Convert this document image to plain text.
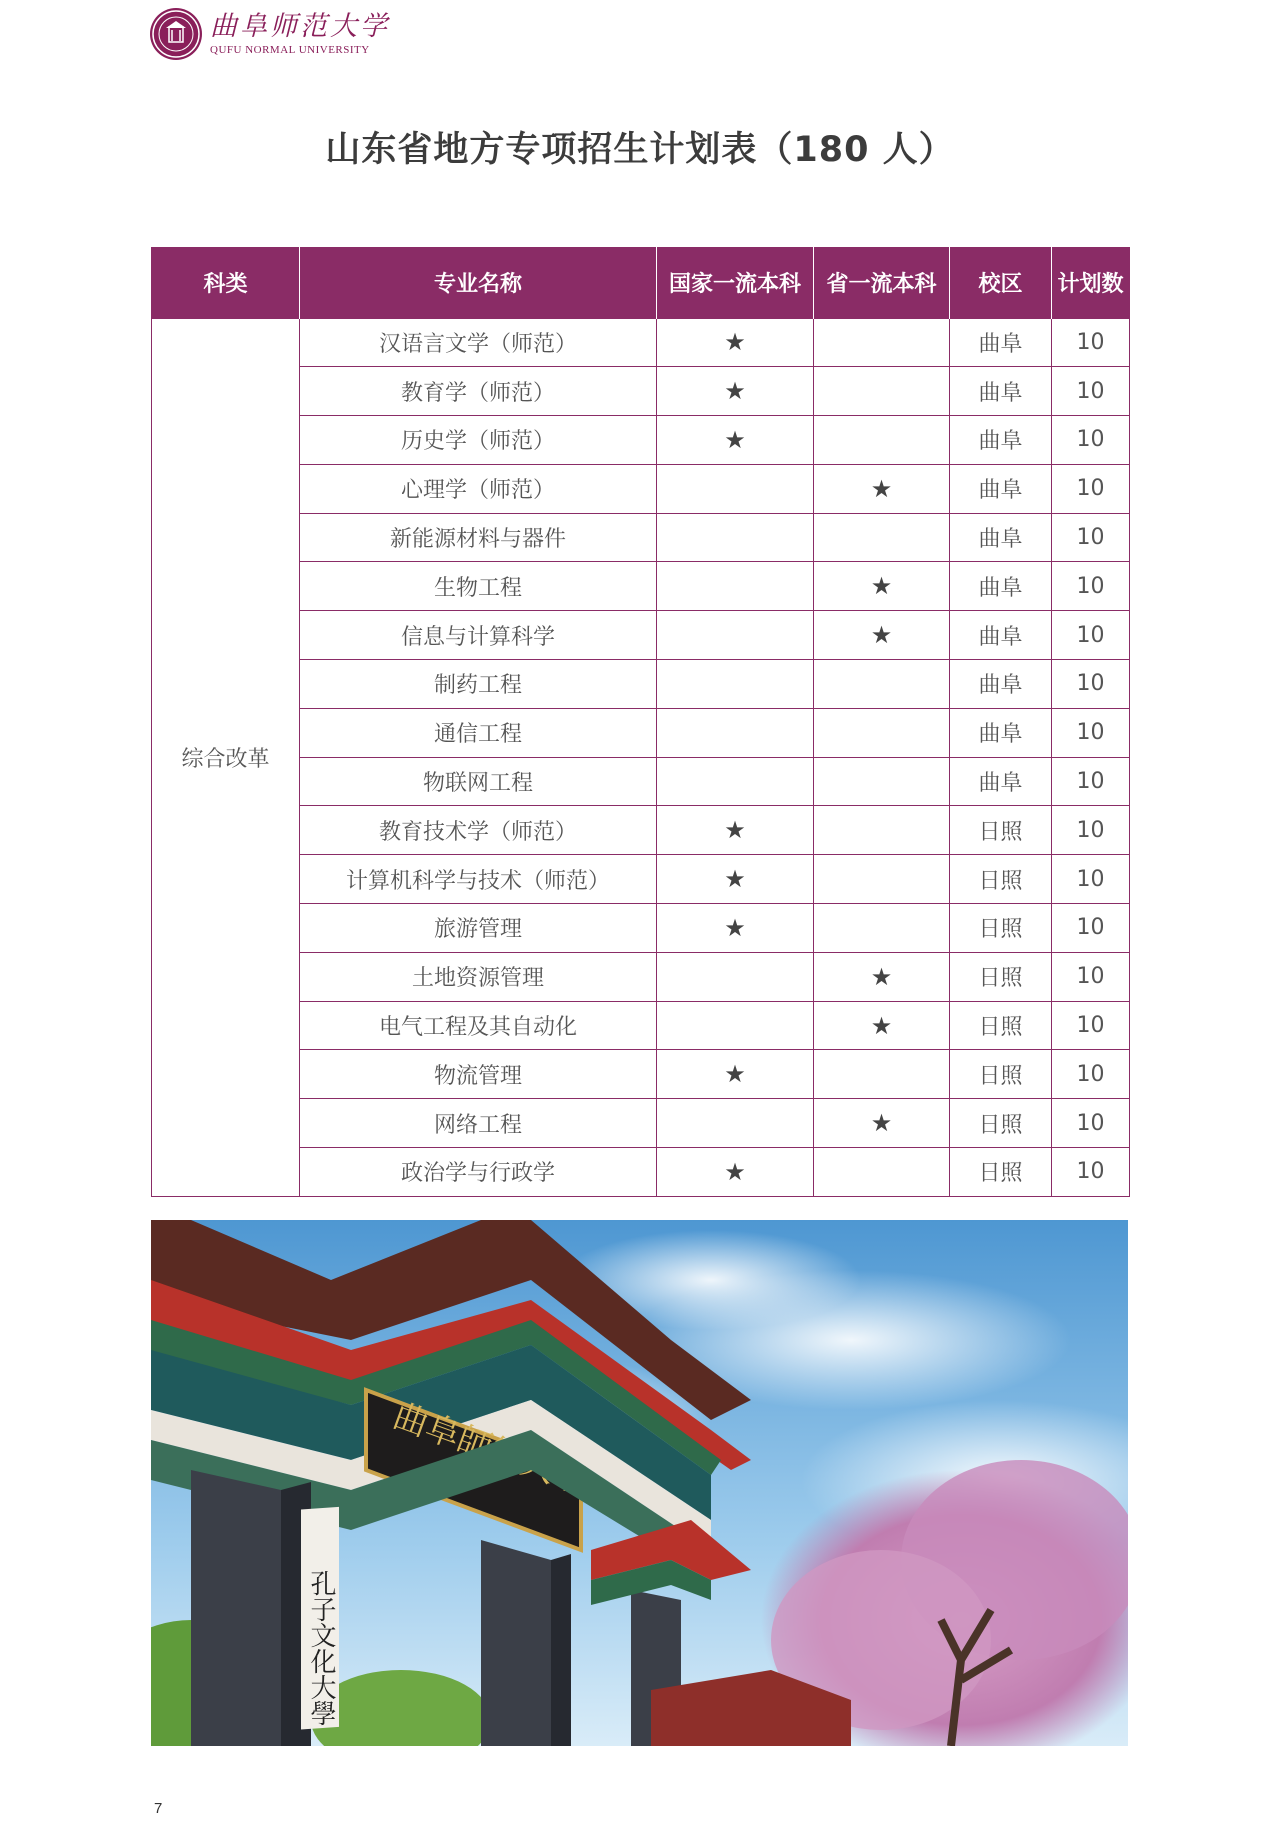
曲阜师范大学
QUFU NORMAL UNIVERSITY
山东省地方专项招生计划表（180 人）
科类	专业名称	国家一流本科	省一流本科	校区	计划数
综合改革	汉语言文学（师范）	★		曲阜	10
	教育学（师范）	★		曲阜	10
	历史学（师范）	★		曲阜	10
	心理学（师范）		★	曲阜	10
	新能源材料与器件			曲阜	10
	生物工程		★	曲阜	10
	信息与计算科学		★	曲阜	10
	制药工程			曲阜	10
	通信工程			曲阜	10
	物联网工程			曲阜	10
	教育技术学（师范）	★		日照	10
	计算机科学与技术（师范）	★		日照	10
	旅游管理	★		日照	10
	土地资源管理		★	日照	10
	电气工程及其自动化		★	日照	10
	物流管理	★		日照	10
	网络工程		★	日照	10
	政治学与行政学	★		日照	10
孔子文化大學
7
